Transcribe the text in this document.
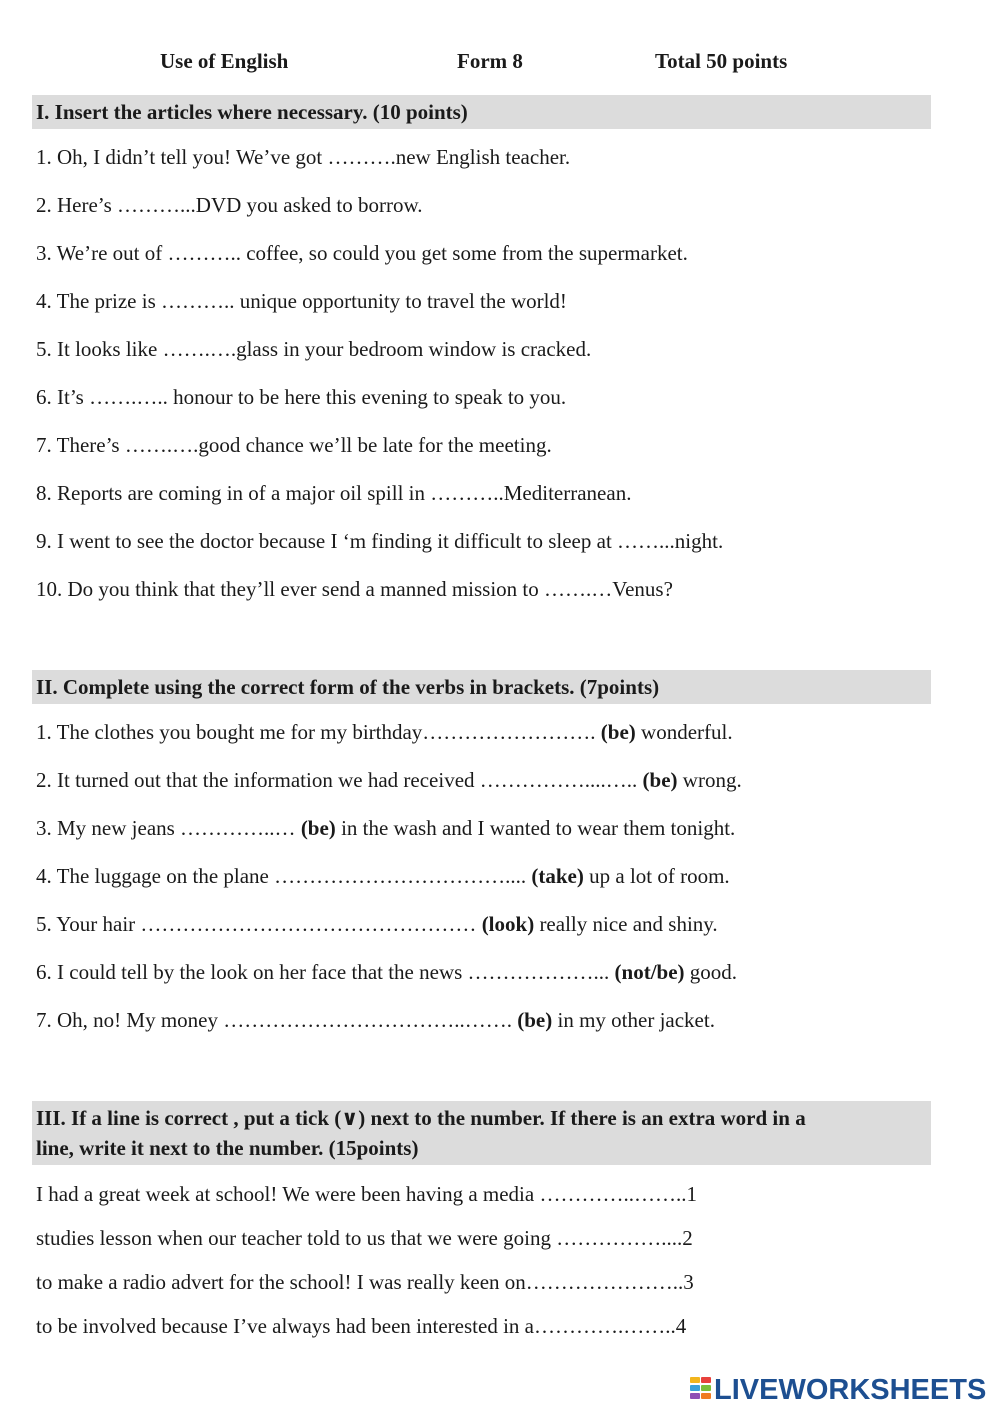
Use of English	Form 8	Total 50 points
I. Insert the articles where necessary. (10 points)
1. Oh, I didn’t tell you! We’ve got ……….new English teacher.
2. Here’s ………...DVD you asked to borrow.
3. We’re out of ……….. coffee, so could you get some from the supermarket.
4. The prize is ……….. unique opportunity to travel the world!
5. It looks like …….….glass in your bedroom window is cracked.
6. It’s …….….. honour to be here this evening to speak to you.
7. There’s …….….good chance we’ll be late for the meeting.
8. Reports are coming in of a major oil spill in ………..Mediterranean.
9. I went to see the doctor because I ‘m finding it difficult to sleep at ……...night.
10. Do you think that they’ll ever send a manned mission to …….…Venus?
II. Complete using the correct form of the verbs in brackets. (7points)
1. The clothes you bought me for my birthday……………………. (be) wonderful.
2. It turned out that the information we had received ……………....….. (be) wrong.
3. My new jeans …………..… (be) in the wash and I wanted to wear them tonight.
4. The luggage on the plane …………………………….... (take) up a lot of room.
5. Your hair ………………………………………… (look) really nice and shiny.
6. I could tell by the look on her face that the news ………………... (not/be) good.
7. Oh, no! My money ……………………………..……. (be) in my other jacket.
III. If a line is correct , put a tick (∨) next to the number. If there is an extra word in a
line, write it next to the number. (15points)
I had a great week at school! We were been having a media …………..……..1
studies lesson when our teacher told to us that we were going ……………....2
to make a radio advert for the school! I was really keen on…………………..3
to be involved because I’ve always had been interested in a………….……..4
LIVEWORKSHEETS
